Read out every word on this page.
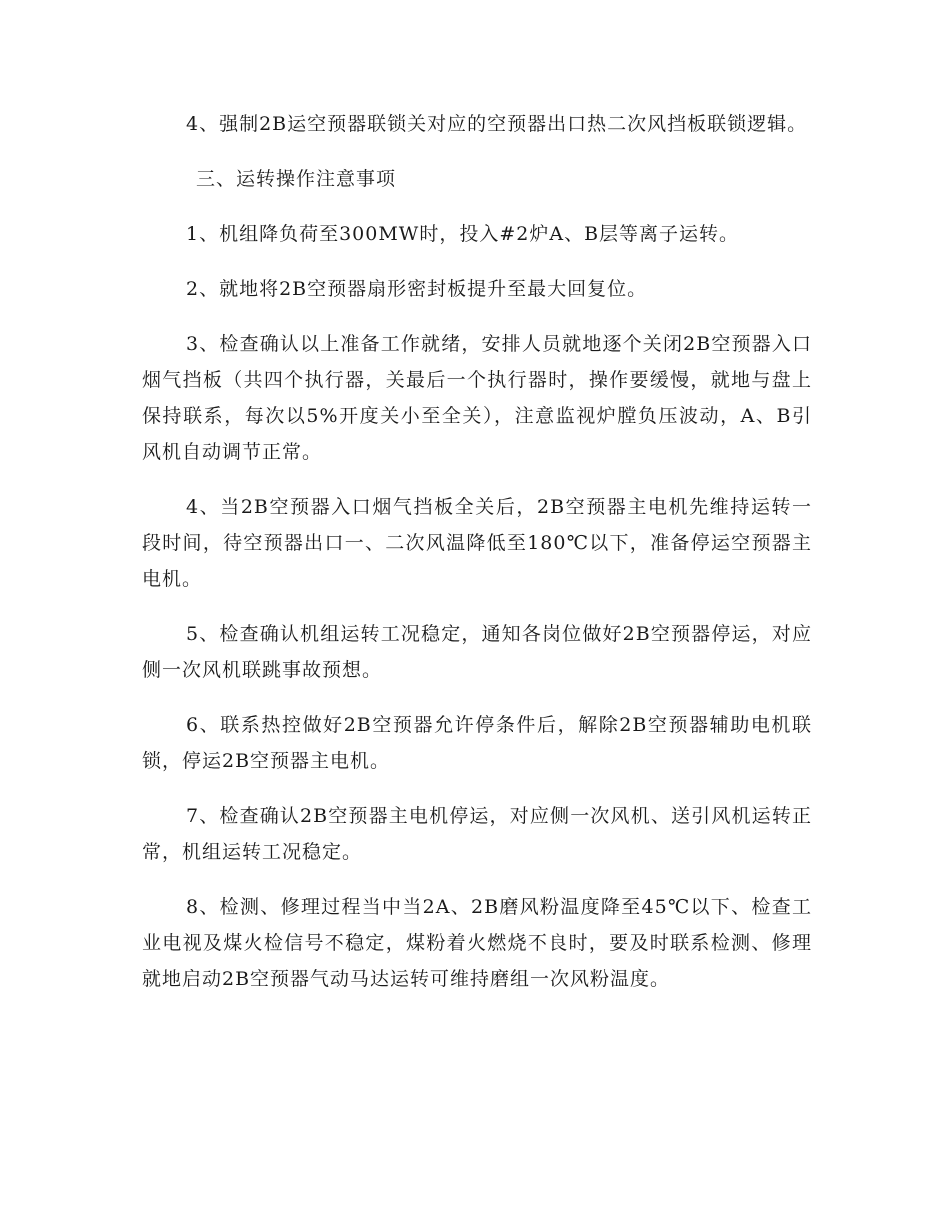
4、强制2B运空预器联锁关对应的空预器出口热二次风挡板联锁逻辑。

三、运转操作注意事项

1、机组降负荷至300MW时，投入#2炉A、B层等离子运转。

2、就地将2B空预器扇形密封板提升至最大回复位。

3、检查确认以上准备工作就绪，安排人员就地逐个关闭2B空预器入口烟气挡板（共四个执行器，关最后一个执行器时，操作要缓慢，就地与盘上保持联系，每次以5%开度关小至全关），注意监视炉膛负压波动，A、B引风机自动调节正常。

4、当2B空预器入口烟气挡板全关后，2B空预器主电机先维持运转一段时间，待空预器出口一、二次风温降低至180℃以下，准备停运空预器主电机。

5、检查确认机组运转工况稳定，通知各岗位做好2B空预器停运，对应侧一次风机联跳事故预想。

6、联系热控做好2B空预器允许停条件后，解除2B空预器辅助电机联锁，停运2B空预器主电机。

7、检查确认2B空预器主电机停运，对应侧一次风机、送引风机运转正常，机组运转工况稳定。

8、检测、修理过程当中当2A、2B磨风粉温度降至45℃以下、检查工业电视及煤火检信号不稳定，煤粉着火燃烧不良时，要及时联系检测、修理就地启动2B空预器气动马达运转可维持磨组一次风粉温度。
